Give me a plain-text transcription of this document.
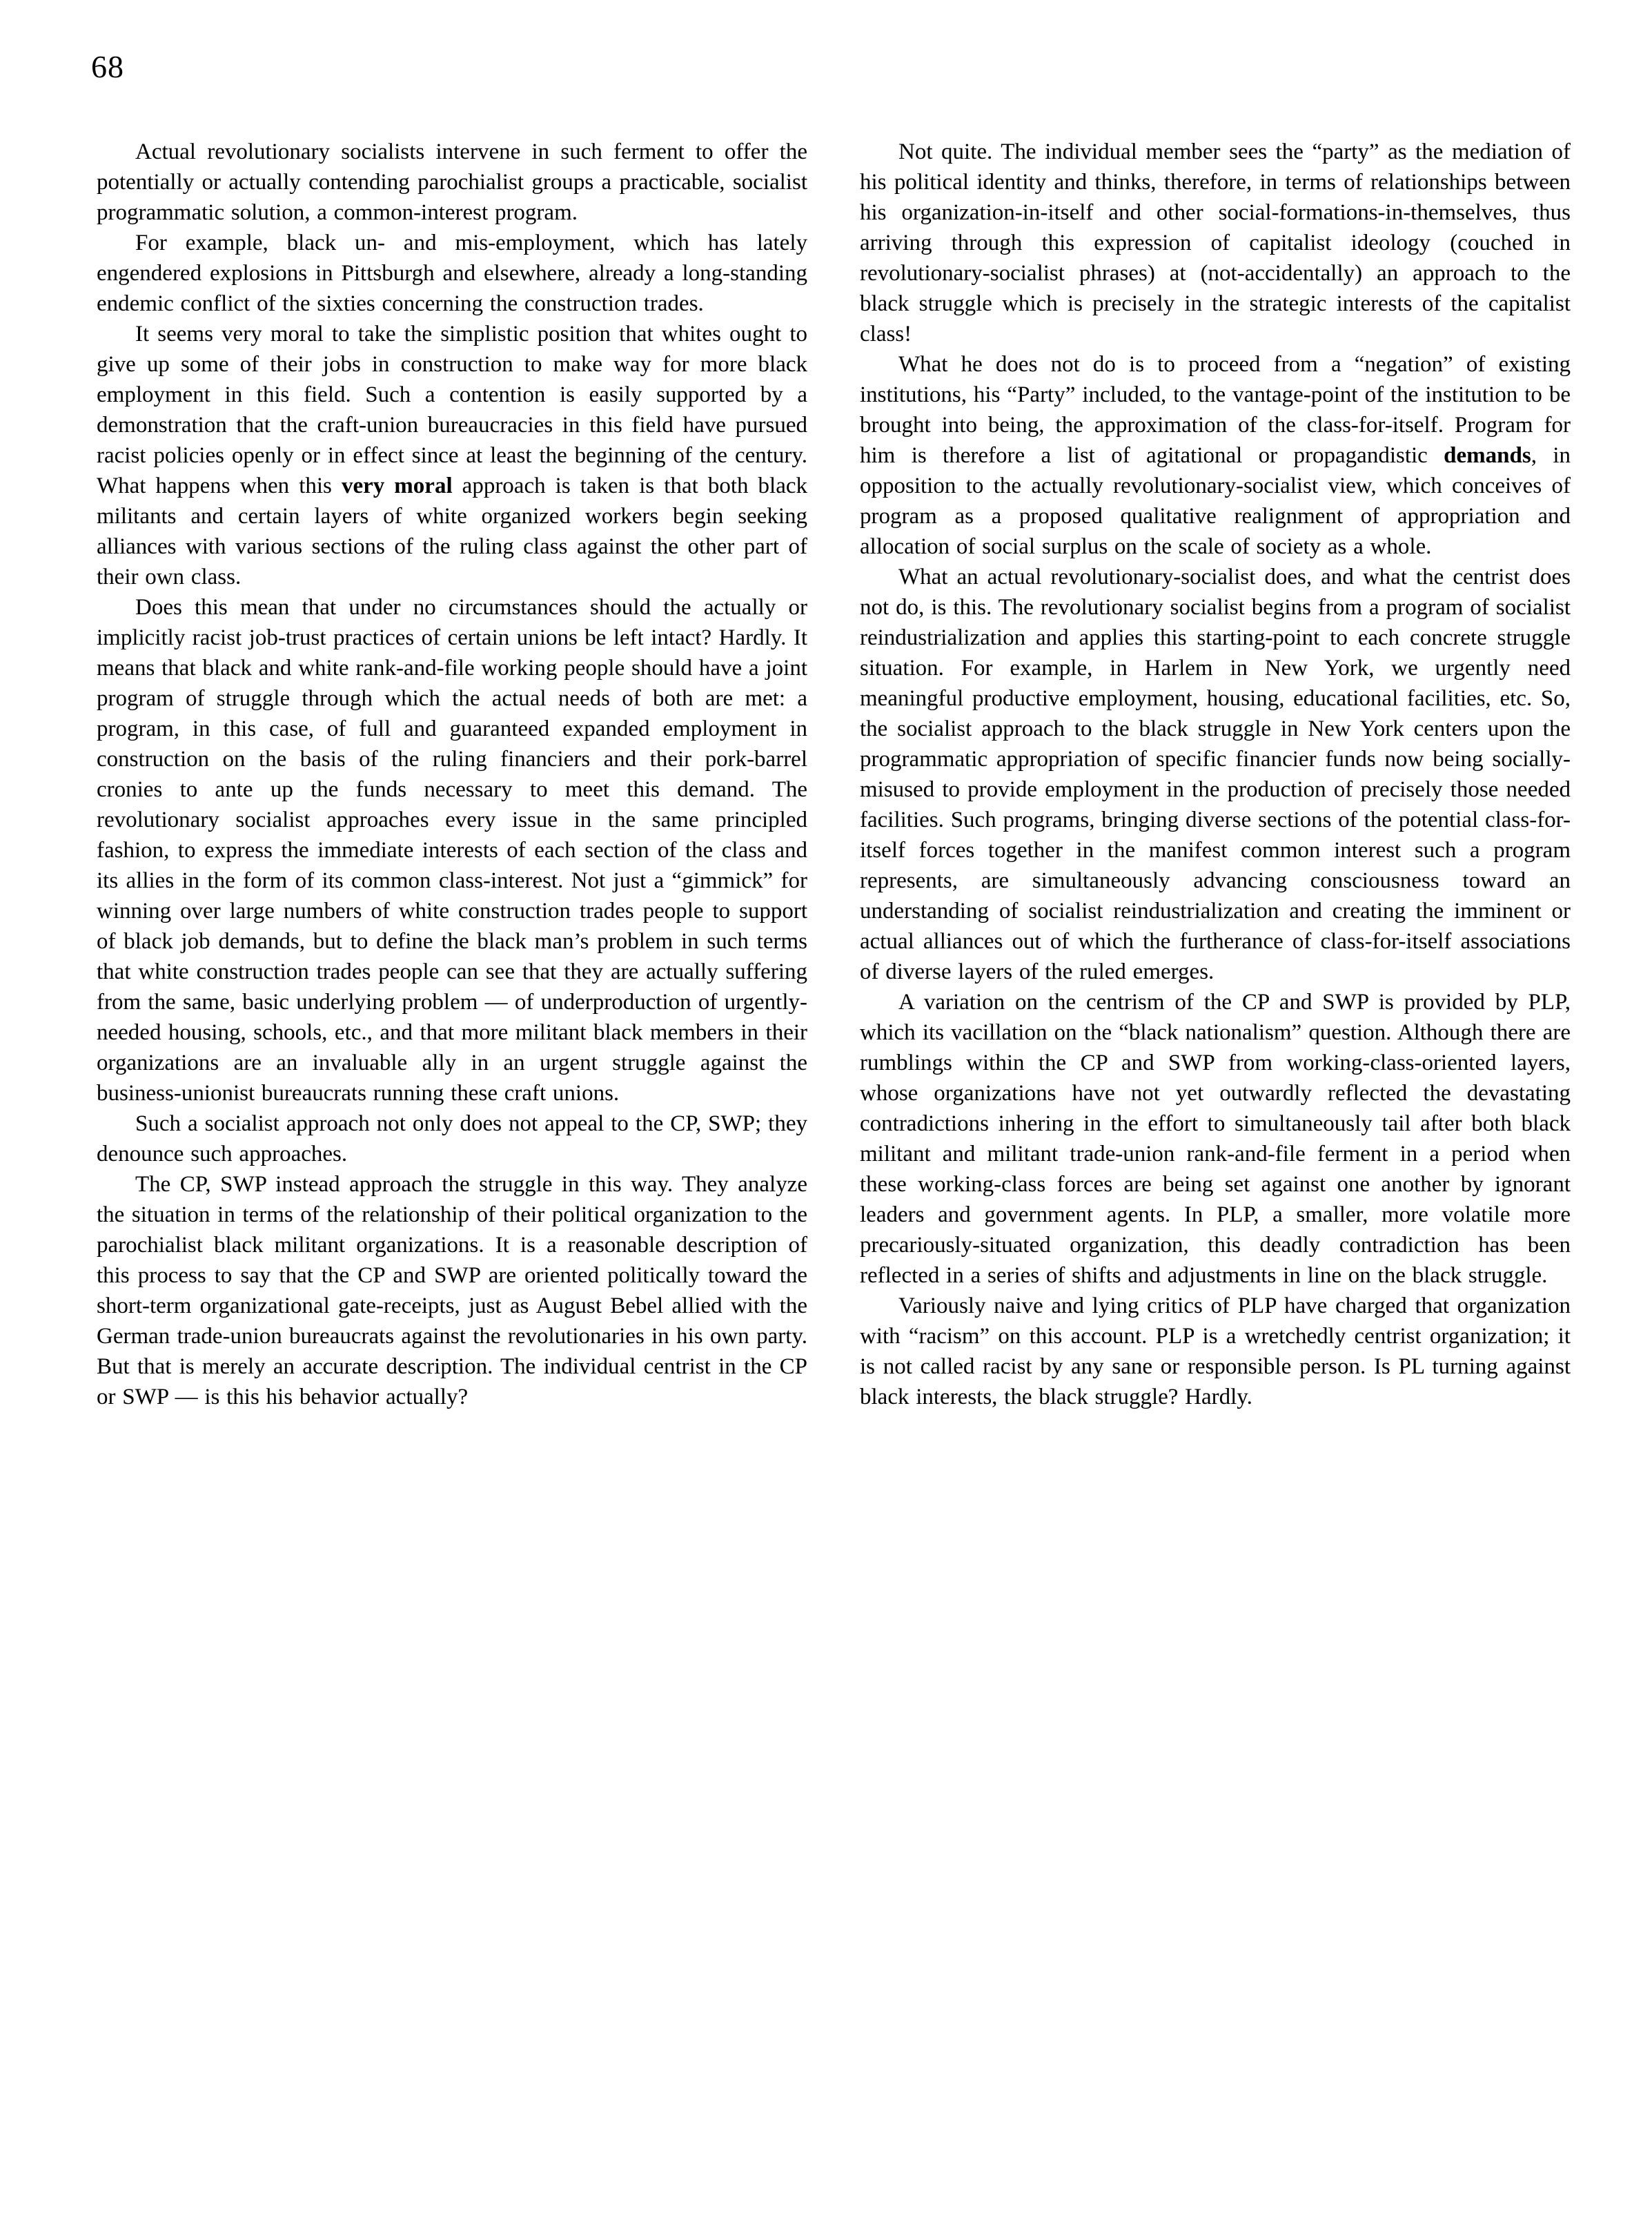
68

Actual revolutionary socialists intervene in such ferment to offer the potentially or actually contending parochialist groups a practicable, socialist programmatic solution, a common-interest program.

For example, black un- and mis-employment, which has lately engendered explosions in Pittsburgh and elsewhere, already a long-standing endemic conflict of the sixties concerning the construction trades.

It seems very moral to take the simplistic position that whites ought to give up some of their jobs in construction to make way for more black employment in this field. Such a contention is easily supported by a demonstration that the craft-union bureaucracies in this field have pursued racist policies openly or in effect since at least the beginning of the century. What happens when this very moral approach is taken is that both black militants and certain layers of white organized workers begin seeking alliances with various sections of the ruling class against the other part of their own class.

Does this mean that under no circumstances should the actually or implicitly racist job-trust practices of certain unions be left intact? Hardly. It means that black and white rank-and-file working people should have a joint program of struggle through which the actual needs of both are met: a program, in this case, of full and guaranteed expanded employment in construction on the basis of the ruling financiers and their pork-barrel cronies to ante up the funds necessary to meet this demand. The revolutionary socialist approaches every issue in the same principled fashion, to express the immediate interests of each section of the class and its allies in the form of its common class-interest. Not just a “gimmick” for winning over large numbers of white construction trades people to support of black job demands, but to define the black man’s problem in such terms that white construction trades people can see that they are actually suffering from the same, basic underlying problem — of underproduction of urgently-needed housing, schools, etc., and that more militant black members in their organizations are an invaluable ally in an urgent struggle against the business-unionist bureaucrats running these craft unions.

Such a socialist approach not only does not appeal to the CP, SWP; they denounce such approaches.

The CP, SWP instead approach the struggle in this way. They analyze the situation in terms of the relationship of their political organization to the parochialist black militant organizations. It is a reasonable description of this process to say that the CP and SWP are oriented politically toward the short-term organizational gate-receipts, just as August Bebel allied with the German trade-union bureaucrats against the revolutionaries in his own party. But that is merely an accurate description. The individual centrist in the CP or SWP — is this his behavior actually?

Not quite. The individual member sees the “party” as the mediation of his political identity and thinks, therefore, in terms of relationships between his organization-in-itself and other social-formations-in-themselves, thus arriving through this expression of capitalist ideology (couched in revolutionary-socialist phrases) at (not-accidentally) an approach to the black struggle which is precisely in the strategic interests of the capitalist class!

What he does not do is to proceed from a “negation” of existing institutions, his “Party” included, to the vantage-point of the institution to be brought into being, the approximation of the class-for-itself. Program for him is therefore a list of agitational or propagandistic demands, in opposition to the actually revolutionary-socialist view, which conceives of program as a proposed qualitative realignment of appropriation and allocation of social surplus on the scale of society as a whole.

What an actual revolutionary-socialist does, and what the centrist does not do, is this. The revolutionary socialist begins from a program of socialist reindustrialization and applies this starting-point to each concrete struggle situation. For example, in Harlem in New York, we urgently need meaningful productive employment, housing, educational facilities, etc. So, the socialist approach to the black struggle in New York centers upon the programmatic appropriation of specific financier funds now being socially-misused to provide employment in the production of precisely those needed facilities. Such programs, bringing diverse sections of the potential class-for-itself forces together in the manifest common interest such a program represents, are simultaneously advancing consciousness toward an understanding of socialist reindustrialization and creating the imminent or actual alliances out of which the furtherance of class-for-itself associations of diverse layers of the ruled emerges.

A variation on the centrism of the CP and SWP is provided by PLP, which its vacillation on the “black nationalism” question. Although there are rumblings within the CP and SWP from working-class-oriented layers, whose organizations have not yet outwardly reflected the devastating contradictions inhering in the effort to simultaneously tail after both black militant and militant trade-union rank-and-file ferment in a period when these working-class forces are being set against one another by ignorant leaders and government agents. In PLP, a smaller, more volatile more precariously-situated organization, this deadly contradiction has been reflected in a series of shifts and adjustments in line on the black struggle.

Variously naive and lying critics of PLP have charged that organization with “racism” on this account. PLP is a wretchedly centrist organization; it is not called racist by any sane or responsible person. Is PL turning against black interests, the black struggle? Hardly.
